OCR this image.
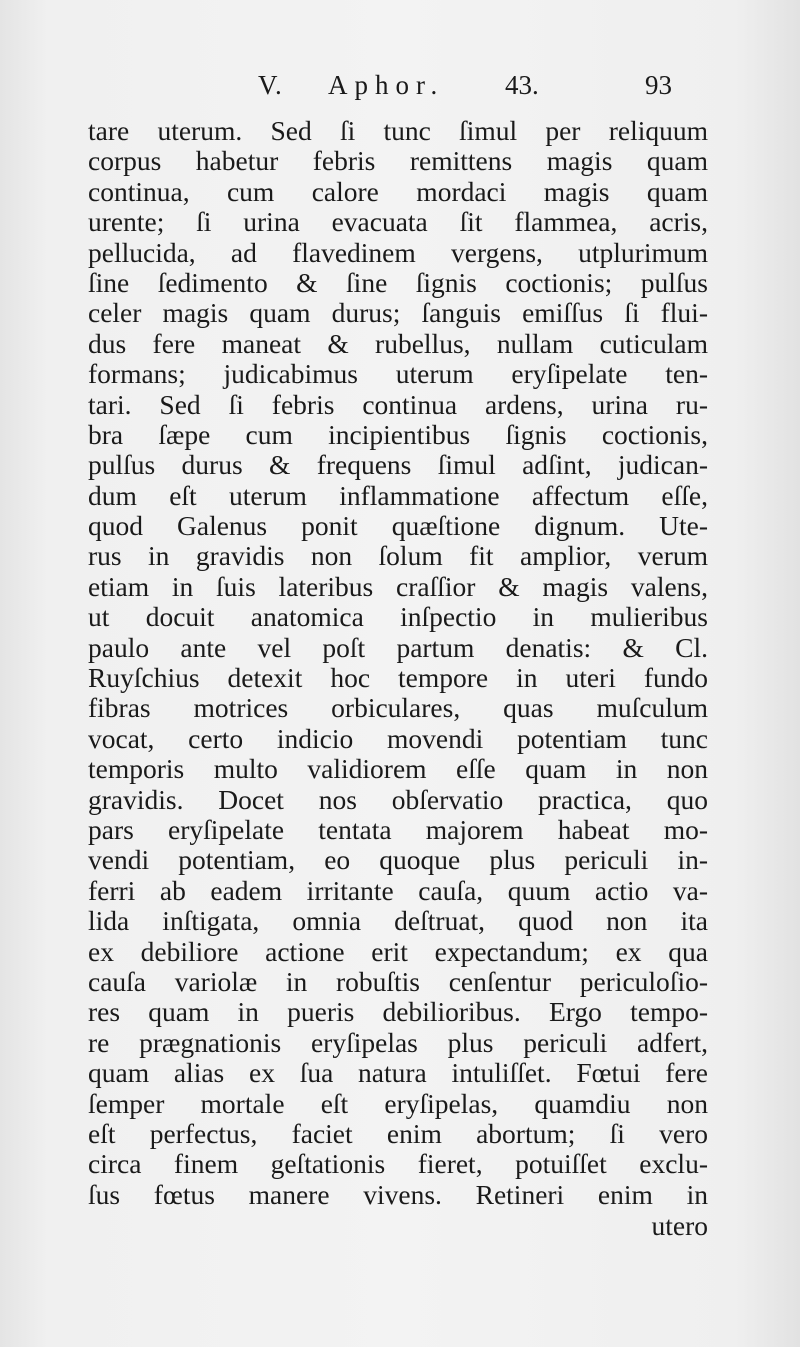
V. Aphor. 43.	93
tare uterum. Sed ſi tunc ſimul per reliquum
corpus habetur febris remittens magis quam
continua, cum calore mordaci magis quam
urente; ſi urina evacuata ſit flammea, acris,
pellucida, ad flavedinem vergens, utplurimum
ſine ſedimento & ſine ſignis coctionis; pulſus
celer magis quam durus; ſanguis emiſſus ſi flui-
dus fere maneat & rubellus, nullam cuticulam
formans; judicabimus uterum eryſipelate ten-
tari. Sed ſi febris continua ardens, urina ru-
bra ſæpe cum incipientibus ſignis coctionis,
pulſus durus & frequens ſimul adſint, judican-
dum eſt uterum inflammatione affectum eſſe,
quod Galenus ponit quæſtione dignum. Ute-
rus in gravidis non ſolum fit amplior, verum
etiam in ſuis lateribus craſſior & magis valens,
ut docuit anatomica inſpectio in mulieribus
paulo ante vel poſt partum denatis: & Cl.
Ruyſchius detexit hoc tempore in uteri fundo
fibras motrices orbiculares, quas muſculum
vocat, certo indicio movendi potentiam tunc
temporis multo validiorem eſſe quam in non
gravidis. Docet nos obſervatio practica, quo
pars eryſipelate tentata majorem habeat mo-
vendi potentiam, eo quoque plus periculi in-
ferri ab eadem irritante cauſa, quum actio va-
lida inſtigata, omnia deſtruat, quod non ita
ex debiliore actione erit expectandum; ex qua
cauſa variolæ in robuſtis cenſentur periculoſio-
res quam in pueris debilioribus. Ergo tempo-
re prægnationis eryſipelas plus periculi adfert,
quam alias ex ſua natura intuliſſet. Fœtui fere
ſemper mortale eſt eryſipelas, quamdiu non
eſt perfectus, faciet enim abortum; ſi vero
circa finem geſtationis fieret, potuiſſet exclu-
ſus fœtus manere vivens. Retineri enim in
utero
